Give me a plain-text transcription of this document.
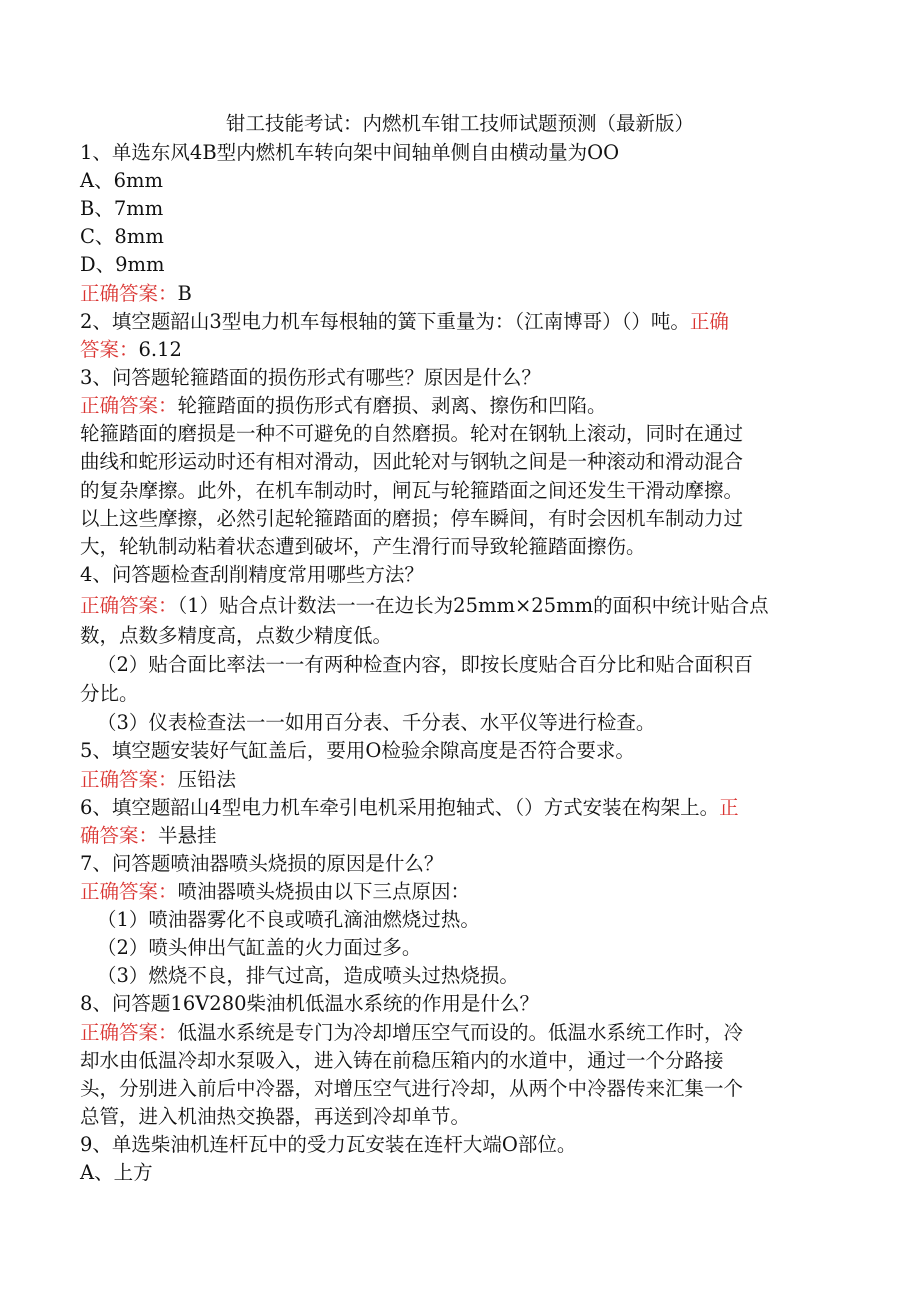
钳工技能考试：内燃机车钳工技师试题预测（最新版）
1、单选东风4B型内燃机车转向架中间轴单侧自由横动量为OO
A、6mm
B、7mm
C、8mm
D、9mm
正确答案：B
2、填空题韶山3型电力机车每根轴的簧下重量为：（江南博哥）（）吨。正确
答案：6.12
3、问答题轮箍踏面的损伤形式有哪些？原因是什么？
正确答案：轮箍踏面的损伤形式有磨损、剥离、擦伤和凹陷。
轮箍踏面的磨损是一种不可避免的自然磨损。轮对在钢轨上滚动，同时在通过
曲线和蛇形运动时还有相对滑动，因此轮对与钢轨之间是一种滚动和滑动混合
的复杂摩擦。此外，在机车制动时，闸瓦与轮箍踏面之间还发生干滑动摩擦。
以上这些摩擦，必然引起轮箍踏面的磨损；停车瞬间，有时会因机车制动力过
大，轮轨制动粘着状态遭到破坏，产生滑行而导致轮箍踏面擦伤。
4、问答题检查刮削精度常用哪些方法？
正确答案：（1）贴合点计数法一一在边长为25mm×25mm的面积中统计贴合点
数，点数多精度高，点数少精度低。
（2）贴合面比率法一一有两种检查内容，即按长度贴合百分比和贴合面积百
分比。
（3）仪表检查法一一如用百分表、千分表、水平仪等进行检查。
5、填空题安装好气缸盖后，要用O检验余隙高度是否符合要求。
正确答案：压铅法
6、填空题韶山4型电力机车牵引电机采用抱轴式、（）方式安装在构架上。正
确答案：半悬挂
7、问答题喷油器喷头烧损的原因是什么？
正确答案：喷油器喷头烧损由以下三点原因：
（1）喷油器雾化不良或喷孔滴油燃烧过热。
（2）喷头伸出气缸盖的火力面过多。
（3）燃烧不良，排气过高，造成喷头过热烧损。
8、问答题16V280柴油机低温水系统的作用是什么？
正确答案：低温水系统是专门为冷却增压空气而设的。低温水系统工作时，冷
却水由低温冷却水泵吸入，进入铸在前稳压箱内的水道中，通过一个分路接
头，分别进入前后中冷器，对增压空气进行冷却，从两个中冷器传来汇集一个
总管，进入机油热交换器，再送到冷却单节。
9、单选柴油机连杆瓦中的受力瓦安装在连杆大端O部位。
A、上方
